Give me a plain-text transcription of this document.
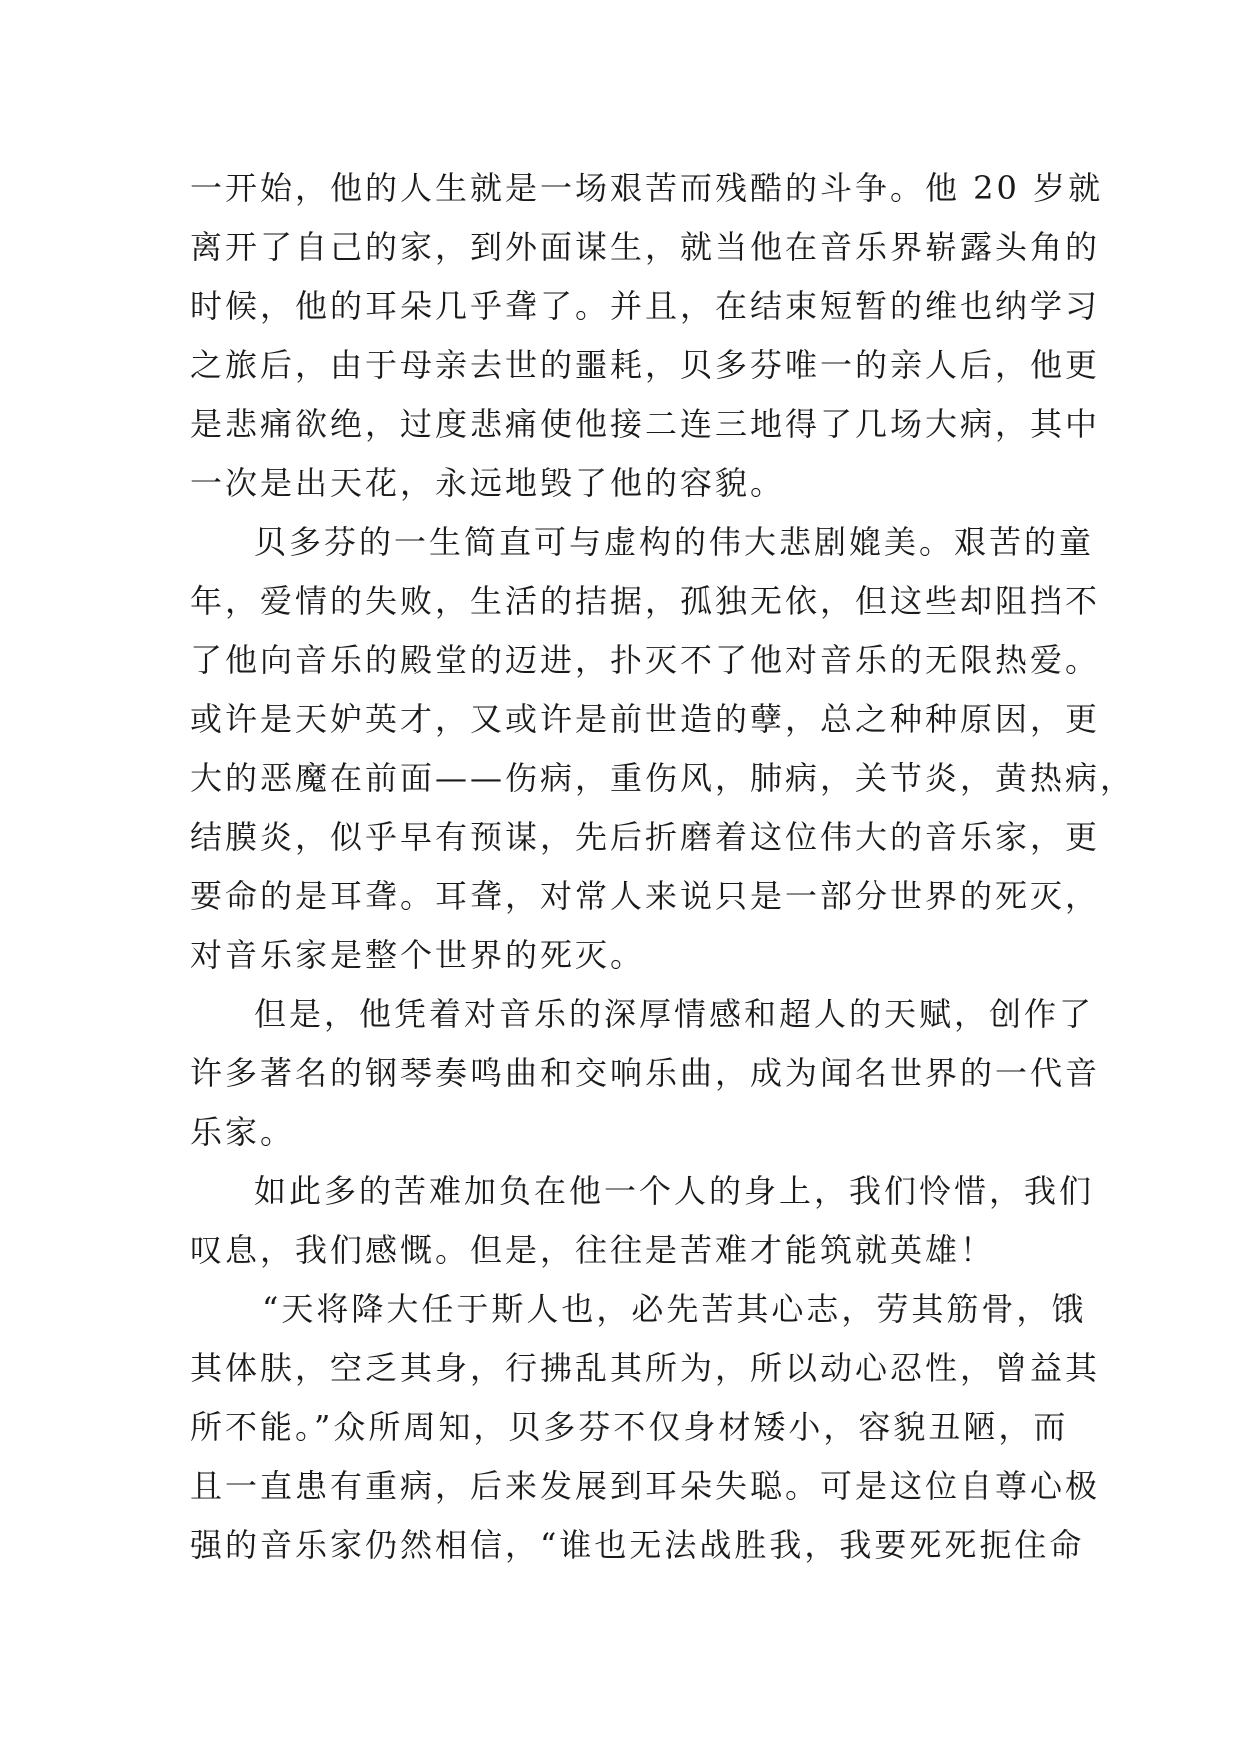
一开始，他的人生就是一场艰苦而残酷的斗争。他 20 岁就
离开了自己的家，到外面谋生，就当他在音乐界崭露头角的
时候，他的耳朵几乎聋了。并且，在结束短暂的维也纳学习
之旅后，由于母亲去世的噩耗，贝多芬唯一的亲人后，他更
是悲痛欲绝，过度悲痛使他接二连三地得了几场大病，其中
一次是出天花，永远地毁了他的容貌。
贝多芬的一生简直可与虚构的伟大悲剧媲美。艰苦的童
年，爱情的失败，生活的拮据，孤独无依，但这些却阻挡不
了他向音乐的殿堂的迈进，扑灭不了他对音乐的无限热爱。
或许是天妒英才，又或许是前世造的孽，总之种种原因，更
大的恶魔在前面——伤病，重伤风，肺病，关节炎，黄热病，
结膜炎，似乎早有预谋，先后折磨着这位伟大的音乐家，更
要命的是耳聋。耳聋，对常人来说只是一部分世界的死灭，
对音乐家是整个世界的死灭。
但是，他凭着对音乐的深厚情感和超人的天赋，创作了
许多著名的钢琴奏鸣曲和交响乐曲，成为闻名世界的一代音
乐家。
如此多的苦难加负在他一个人的身上，我们怜惜，我们
叹息，我们感慨。但是，往往是苦难才能筑就英雄！
“天将降大任于斯人也，必先苦其心志，劳其筋骨，饿
其体肤，空乏其身，行拂乱其所为，所以动心忍性，曾益其
所不能。”众所周知，贝多芬不仅身材矮小，容貌丑陋，而
且一直患有重病，后来发展到耳朵失聪。可是这位自尊心极
强的音乐家仍然相信，“谁也无法战胜我，我要死死扼住命
